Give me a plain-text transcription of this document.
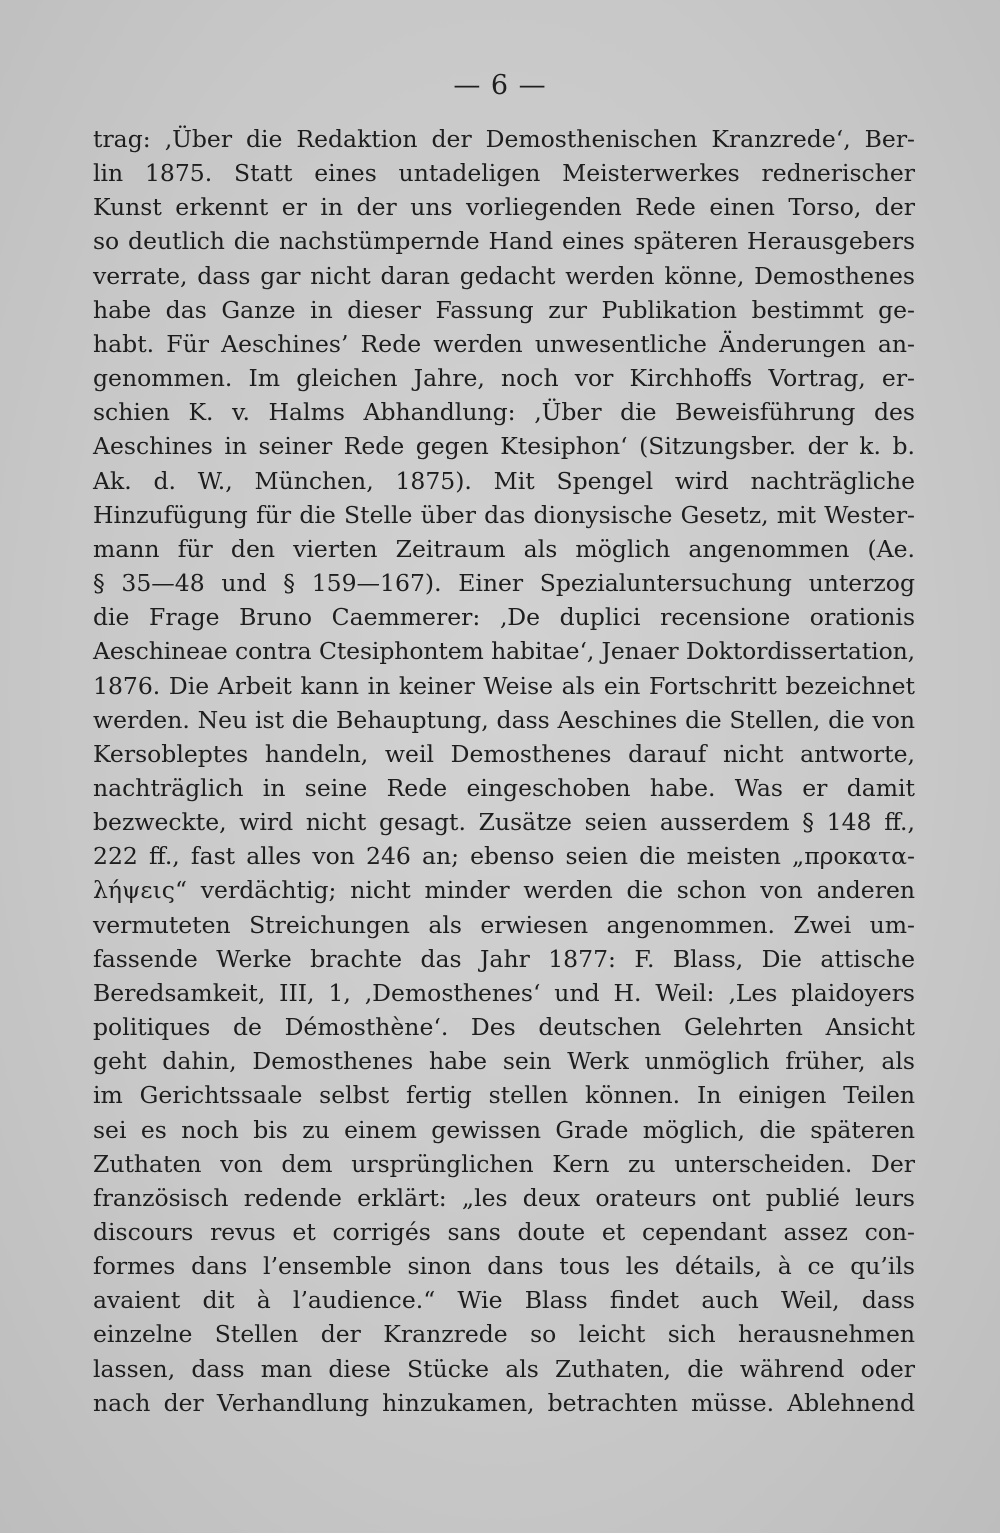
— 6 —
trag: ‚Über die Redaktion der Demosthenischen Kranzrede‘, Ber-
lin 1875. Statt eines untadeligen Meisterwerkes rednerischer
Kunst erkennt er in der uns vorliegenden Rede einen Torso, der
so deutlich die nachstümpernde Hand eines späteren Herausgebers
verrate, dass gar nicht daran gedacht werden könne, Demosthenes
habe das Ganze in dieser Fassung zur Publikation bestimmt ge-
habt. Für Aeschines’ Rede werden unwesentliche Änderungen an-
genommen. Im gleichen Jahre, noch vor Kirchhoffs Vortrag, er-
schien K. v. Halms Abhandlung: ‚Über die Beweisführung des
Aeschines in seiner Rede gegen Ktesiphon‘ (Sitzungsber. der k. b.
Ak. d. W., München, 1875). Mit Spengel wird nachträgliche
Hinzufügung für die Stelle über das dionysische Gesetz, mit Wester-
mann für den vierten Zeitraum als möglich angenommen (Ae.
§ 35—48 und § 159—167). Einer Spezialuntersuchung unterzog
die Frage Bruno Caemmerer: ‚De duplici recensione orationis
Aeschineae contra Ctesiphontem habitae‘, Jenaer Doktordissertation,
1876. Die Arbeit kann in keiner Weise als ein Fortschritt bezeichnet
werden. Neu ist die Behauptung, dass Aeschines die Stellen, die von
Kersobleptes handeln, weil Demosthenes darauf nicht antworte,
nachträglich in seine Rede eingeschoben habe. Was er damit
bezweckte, wird nicht gesagt. Zusätze seien ausserdem § 148 ff.,
222 ff., fast alles von 246 an; ebenso seien die meisten „προκατα-
λήψεις“ verdächtig; nicht minder werden die schon von anderen
vermuteten Streichungen als erwiesen angenommen. Zwei um-
fassende Werke brachte das Jahr 1877: F. Blass, Die attische
Beredsamkeit, III, 1, ‚Demosthenes‘ und H. Weil: ‚Les plaidoyers
politiques de Démosthène‘. Des deutschen Gelehrten Ansicht
geht dahin, Demosthenes habe sein Werk unmöglich früher, als
im Gerichtssaale selbst fertig stellen können. In einigen Teilen
sei es noch bis zu einem gewissen Grade möglich, die späteren
Zuthaten von dem ursprünglichen Kern zu unterscheiden. Der
französisch redende erklärt: „les deux orateurs ont publié leurs
discours revus et corrigés sans doute et cependant assez con-
formes dans l’ensemble sinon dans tous les détails, à ce qu’ils
avaient dit à l’audience.“ Wie Blass findet auch Weil, dass
einzelne Stellen der Kranzrede so leicht sich herausnehmen
lassen, dass man diese Stücke als Zuthaten, die während oder
nach der Verhandlung hinzukamen, betrachten müsse. Ablehnend
